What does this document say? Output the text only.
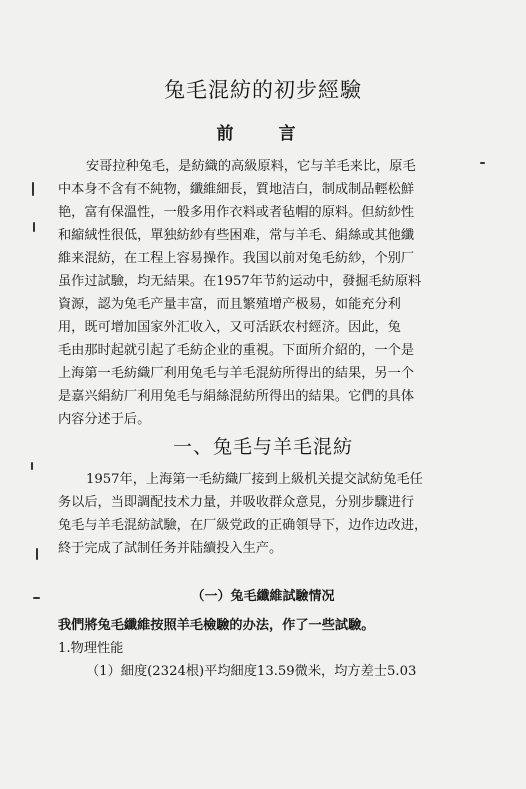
兔毛混紡的初步經驗
前　言
安哥拉种兔毛，是紡織的高級原料，它与羊毛来比，原毛
中本身不含有不純物，纖維細長，質地洁白，制成制品輕松鮮
艳，富有保溫性，一般多用作衣料或者毡帽的原料。但紡紗性
和縮絨性很低，單独紡紗有些困难，常与羊毛、絹絲或其他纖
維来混紡，在工程上容易操作。我国以前对兔毛紡紗，个别厂
虽作过試驗，均无結果。在1957年节約运动中，發掘毛紡原料
資源，認为兔毛产量丰富，而且繁殖增产极易，如能充分利
用，既可增加国家外汇收入，又可活跃农村經济。因此，兔
毛由那时起就引起了毛紡企业的重視。下面所介紹的，一个是
上海第一毛紡織厂利用兔毛与羊毛混紡所得出的結果，另一个
是嘉兴絹紡厂利用兔毛与絹絲混紡所得出的結果。它們的具体
内容分述于后。
一、兔毛与羊毛混紡
1957年，上海第一毛紡織厂接到上級机关提交試紡兔毛任
务以后，当即調配技术力量，并吸收群众意見，分别步驟进行
兔毛与羊毛混紡試驗，在厂級党政的正确領导下，边作边改进，
終于完成了試制任务并陆續投入生产。
（一）兔毛纖維試驗情况
我們將兔毛纖維按照羊毛檢驗的办法，作了一些試驗。
1.物理性能
（1）細度(2324根)平均細度13.59微米，均方差士5.03
